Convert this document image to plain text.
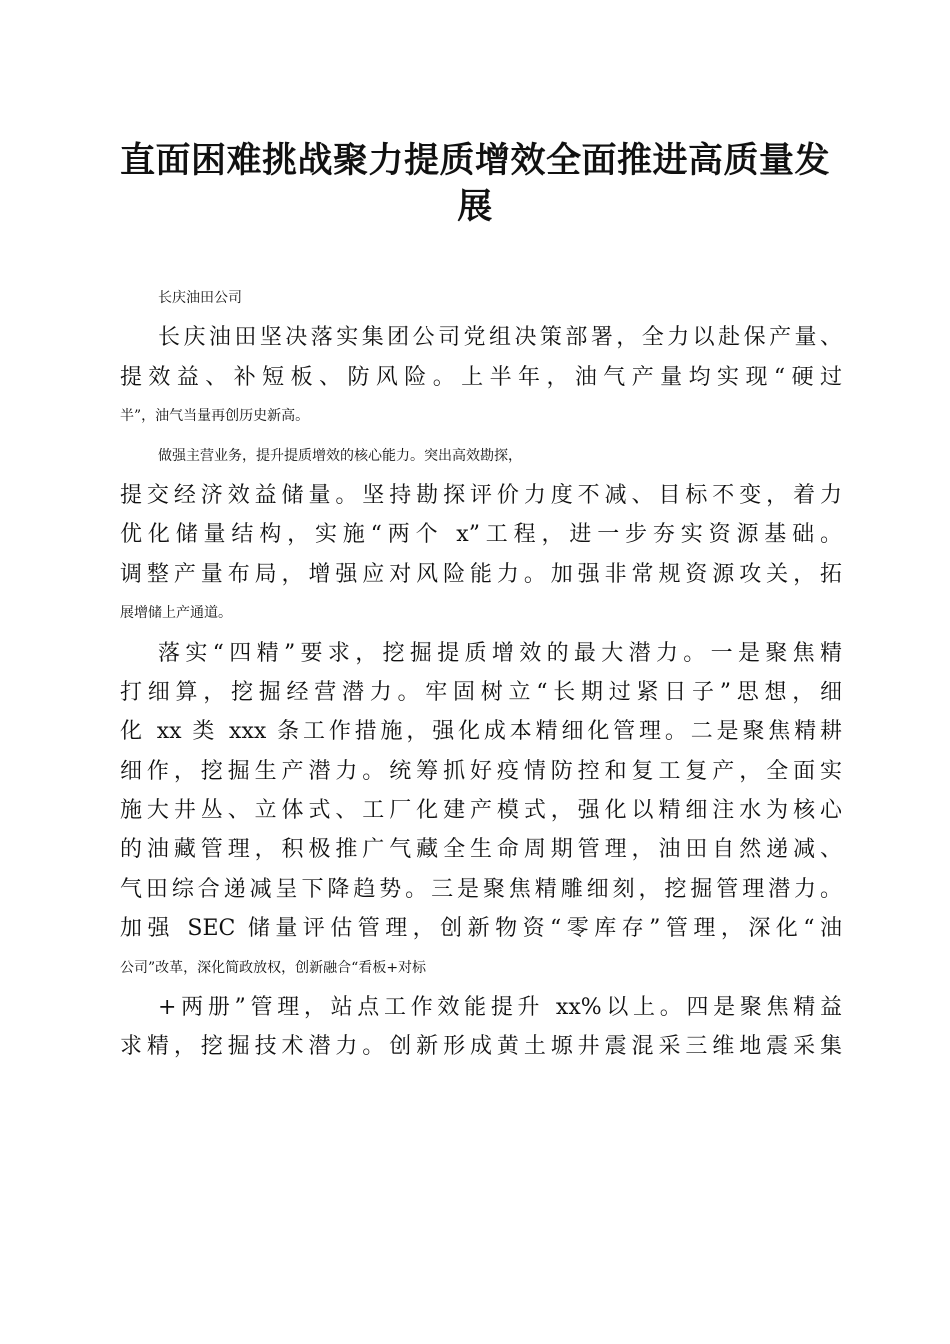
直面困难挑战聚力提质增效全面推进高质量发
展
长庆油田公司
长庆油田坚决落实集团公司党组决策部署，全力以赴保产量、
提效益、补短板、防风险。上半年，油气产量均实现“硬过
半”，油气当量再创历史新高。
做强主营业务，提升提质增效的核心能力。突出高效勘探，
提交经济效益储量。坚持勘探评价力度不减、目标不变，着力
优化储量结构，实施“两个 x”工程，进一步夯实资源基础。
调整产量布局，增强应对风险能力。加强非常规资源攻关，拓
展增储上产通道。
落实“四精”要求，挖掘提质增效的最大潜力。一是聚焦精
打细算，挖掘经营潜力。牢固树立“长期过紧日子”思想，细
化 xx 类 xxx 条工作措施，强化成本精细化管理。二是聚焦精耕
细作，挖掘生产潜力。统筹抓好疫情防控和复工复产，全面实
施大井丛、立体式、工厂化建产模式，强化以精细注水为核心
的油藏管理，积极推广气藏全生命周期管理，油田自然递减、
气田综合递减呈下降趋势。三是聚焦精雕细刻，挖掘管理潜力。
加强 SEC 储量评估管理，创新物资“零库存”管理，深化“油
公司”改革，深化简政放权，创新融合“看板+对标
+两册”管理，站点工作效能提升 xx%以上。四是聚焦精益
求精，挖掘技术潜力。创新形成黄土塬井震混采三维地震采集
